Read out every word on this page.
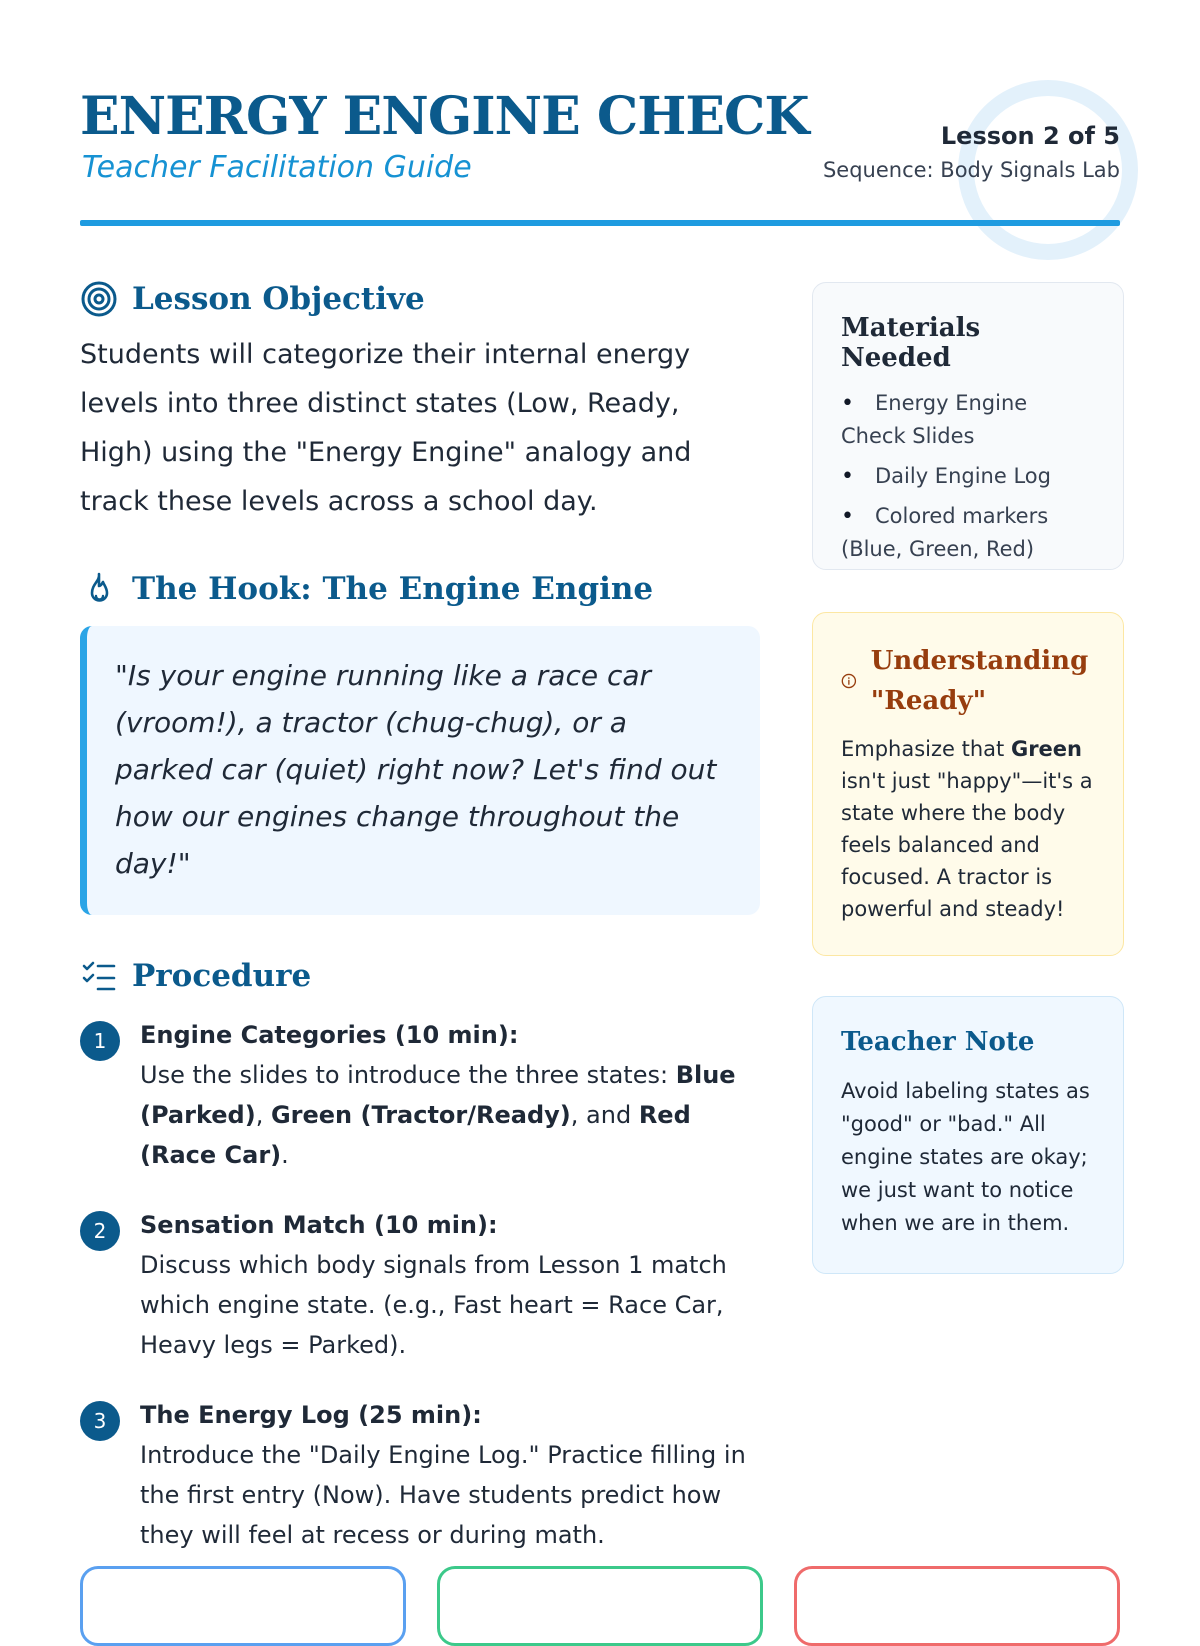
ENERGY ENGINE CHECK
Teacher Facilitation Guide
Lesson 2 of 5
Sequence: Body Signals Lab
Lesson Objective
Students will categorize their internal energy levels into three distinct states (Low, Ready, High) using the "Energy Engine" analogy and track these levels across a school day.
The Hook: The Engine Engine
"Is your engine running like a race car (vroom!), a tractor (chug-chug), or a parked car (quiet) right now? Let's find out how our engines change throughout the day!"
Procedure
1	Engine Categories (10 min):
Use the slides to introduce the three states: Blue (Parked), Green (Tractor/Ready), and Red (Race Car).
2	Sensation Match (10 min):
Discuss which body signals from Lesson 1 match which engine state. (e.g., Fast heart = Race Car, Heavy legs = Parked).
3	The Energy Log (25 min):
Introduce the "Daily Engine Log." Practice filling in the first entry (Now). Have students predict how they will feel at recess or during math.
Materials Needed
• Energy Engine Check Slides
• Daily Engine Log
• Colored markers (Blue, Green, Red)
Understanding "Ready"
Emphasize that Green isn't just "happy"—it's a state where the body feels balanced and focused. A tractor is powerful and steady!
Teacher Note
Avoid labeling states as "good" or "bad." All engine states are okay; we just want to notice when we are in them.
